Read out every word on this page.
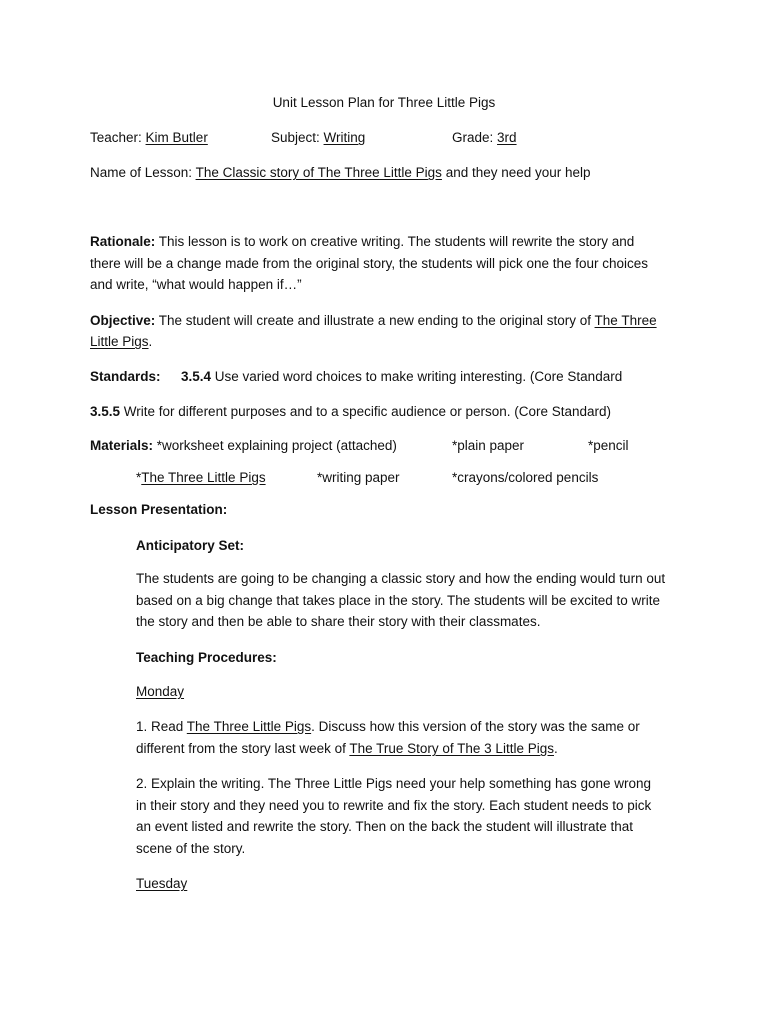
Unit Lesson Plan for Three Little Pigs
Teacher: Kim Butler	Subject: Writing	Grade: 3rd
Name of Lesson: The Classic story of The Three Little Pigs and they need your help
Rationale: This lesson is to work on creative writing. The students will rewrite the story and
there will be a change made from the original story, the students will pick one the four choices
and write, “what would happen if…”
Objective: The student will create and illustrate a new ending to the original story of The Three
Little Pigs.
Standards: 3.5.4 Use varied word choices to make writing interesting. (Core Standard
3.5.5 Write for different purposes and to a specific audience or person. (Core Standard)
Materials: *worksheet explaining project (attached)	*plain paper	*pencil
*The Three Little Pigs	*writing paper	*crayons/colored pencils
Lesson Presentation:
Anticipatory Set:
The students are going to be changing a classic story and how the ending would turn out
based on a big change that takes place in the story. The students will be excited to write
the story and then be able to share their story with their classmates.
Teaching Procedures:
Monday
1. Read The Three Little Pigs. Discuss how this version of the story was the same or
different from the story last week of The True Story of The 3 Little Pigs.
2. Explain the writing. The Three Little Pigs need your help something has gone wrong
in their story and they need you to rewrite and fix the story. Each student needs to pick
an event listed and rewrite the story. Then on the back the student will illustrate that
scene of the story.
Tuesday
